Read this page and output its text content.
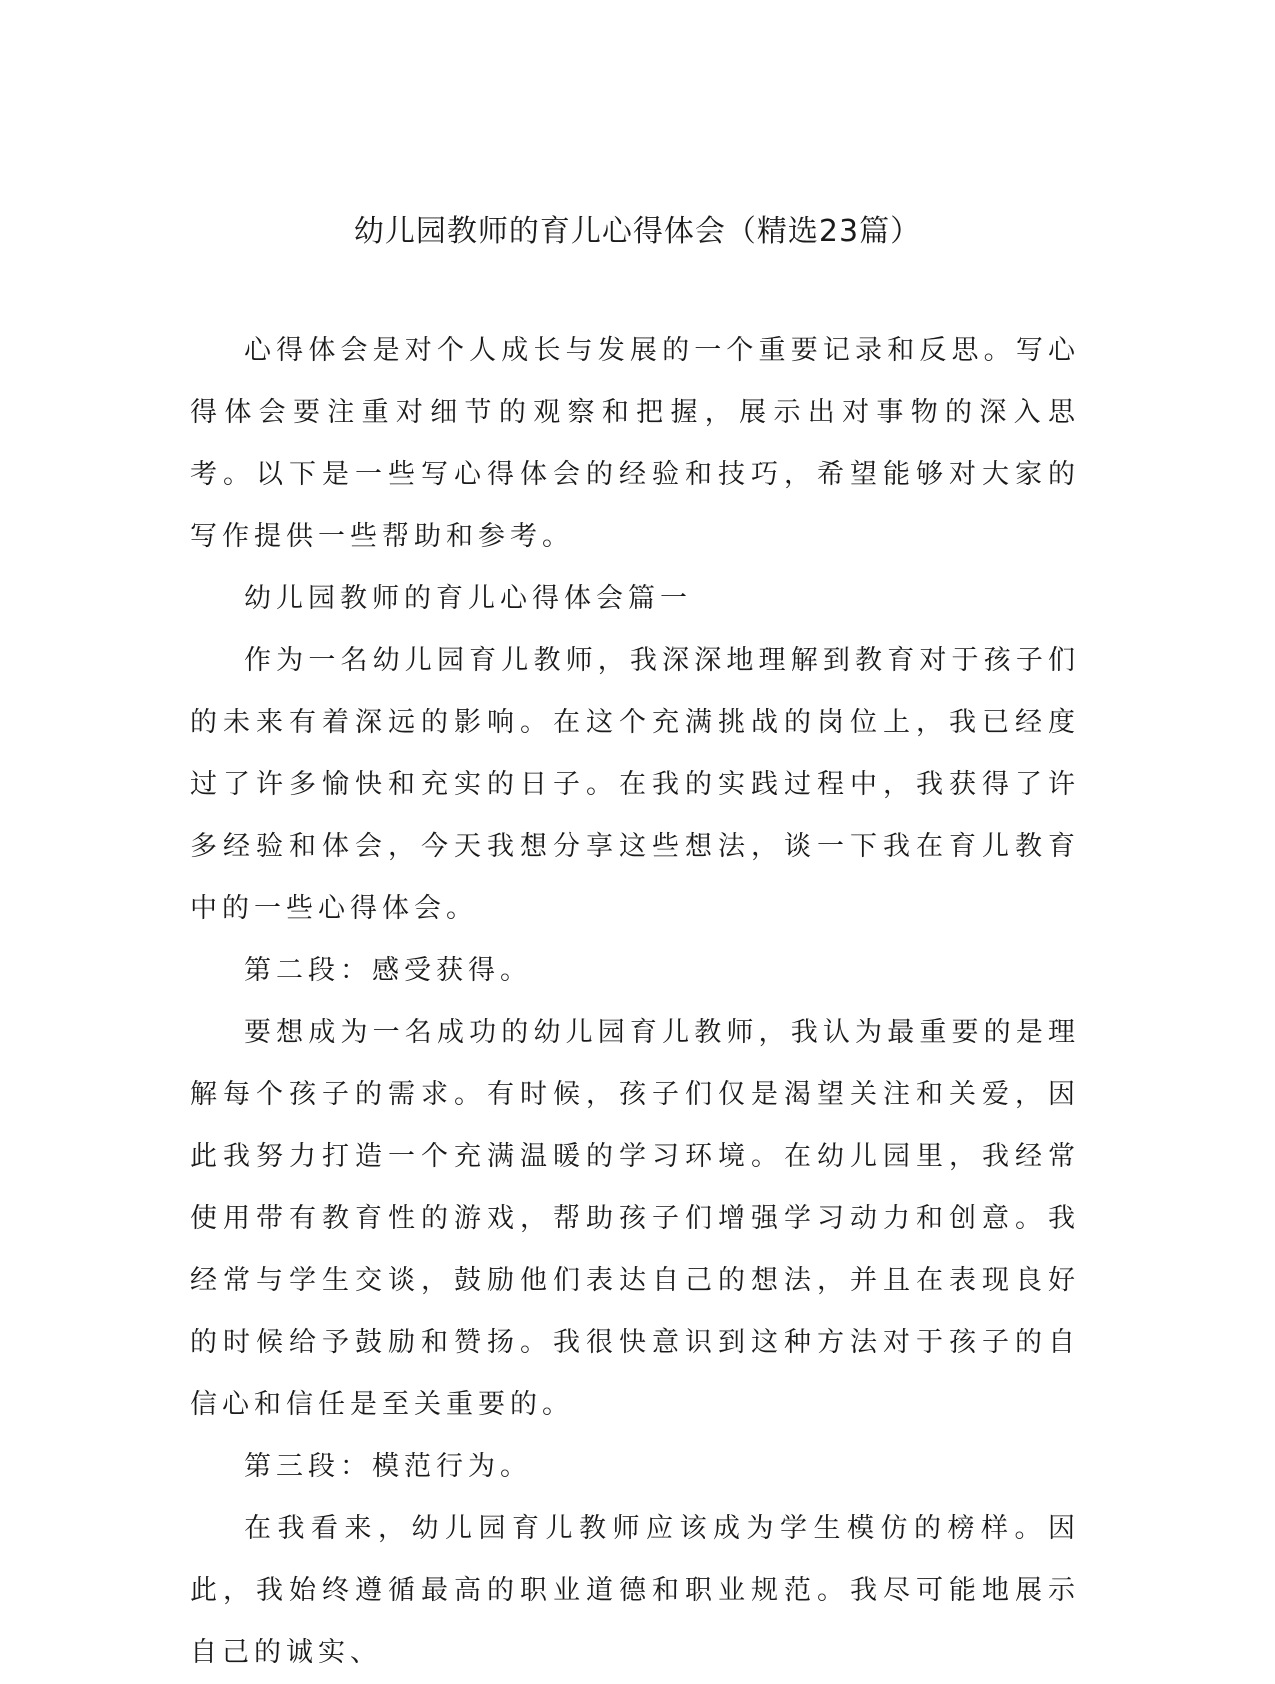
幼儿园教师的育儿心得体会（精选23篇）

心得体会是对个人成长与发展的一个重要记录和反思。写心得体会要注重对细节的观察和把握，展示出对事物的深入思考。以下是一些写心得体会的经验和技巧，希望能够对大家的写作提供一些帮助和参考。

幼儿园教师的育儿心得体会篇一

作为一名幼儿园育儿教师，我深深地理解到教育对于孩子们的未来有着深远的影响。在这个充满挑战的岗位上，我已经度过了许多愉快和充实的日子。在我的实践过程中，我获得了许多经验和体会，今天我想分享这些想法，谈一下我在育儿教育中的一些心得体会。

第二段：感受获得。

要想成为一名成功的幼儿园育儿教师，我认为最重要的是理解每个孩子的需求。有时候，孩子们仅是渴望关注和关爱，因此我努力打造一个充满温暖的学习环境。在幼儿园里，我经常使用带有教育性的游戏，帮助孩子们增强学习动力和创意。我经常与学生交谈，鼓励他们表达自己的想法，并且在表现良好的时候给予鼓励和赞扬。我很快意识到这种方法对于孩子的自信心和信任是至关重要的。

第三段：模范行为。

在我看来，幼儿园育儿教师应该成为学生模仿的榜样。因此，我始终遵循最高的职业道德和职业规范。我尽可能地展示自己的诚实、
